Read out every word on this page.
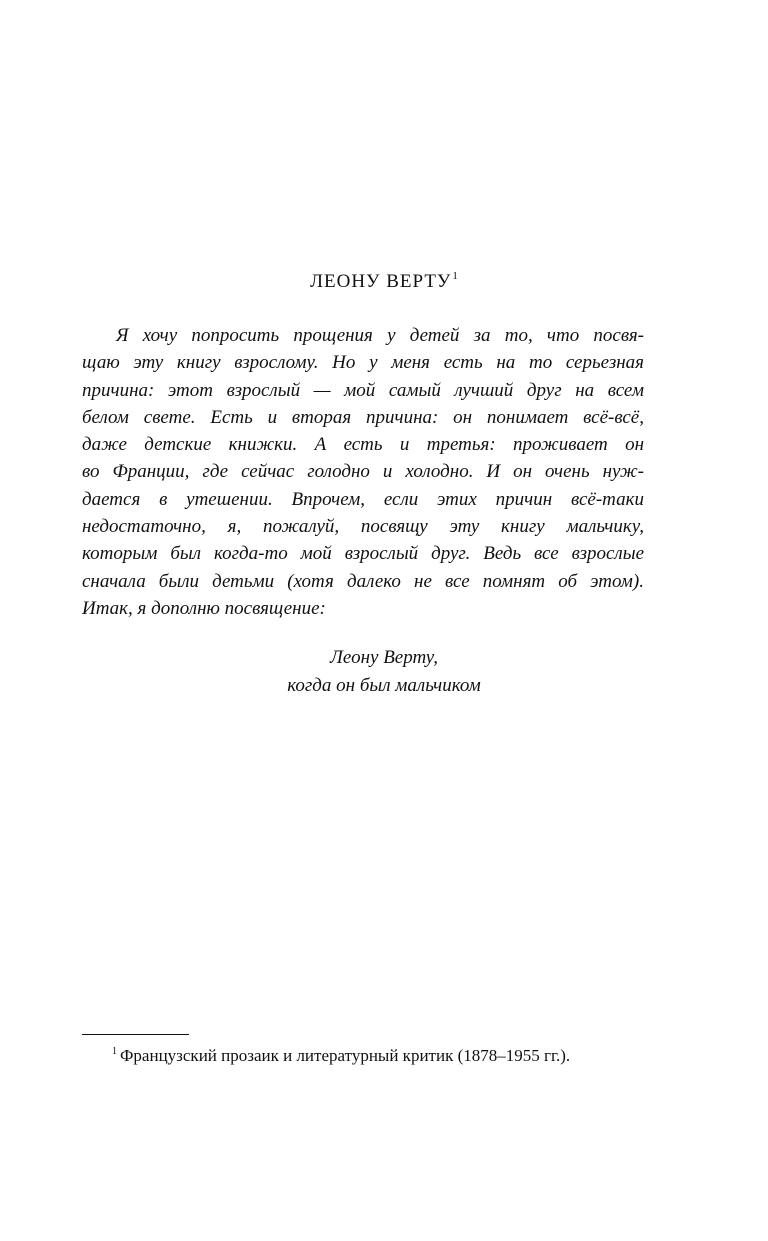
ЛЕОНУ ВЕРТУ$^1$
Я хочу попросить прощения у детей за то, что посвя-
щаю эту книгу взрослому. Но у меня есть на то серьезная
причина: этот взрослый — мой самый лучший друг на всем
белом свете. Есть и вторая причина: он понимает всё-всё,
даже детские книжки. А есть и третья: проживает он
во Франции, где сейчас голодно и холодно. И он очень нуж-
дается в утешении. Впрочем, если этих причин всё-таки
недостаточно, я, пожалуй, посвящу эту книгу мальчику,
которым был когда-то мой взрослый друг. Ведь все взрослые
сначала были детьми (хотя далеко не все помнят об этом).
Итак, я дополню посвящение:
Леону Верту,
когда он был мальчиком
$^1$ Французский прозаик и литературный критик (1878–1955 гг.).
